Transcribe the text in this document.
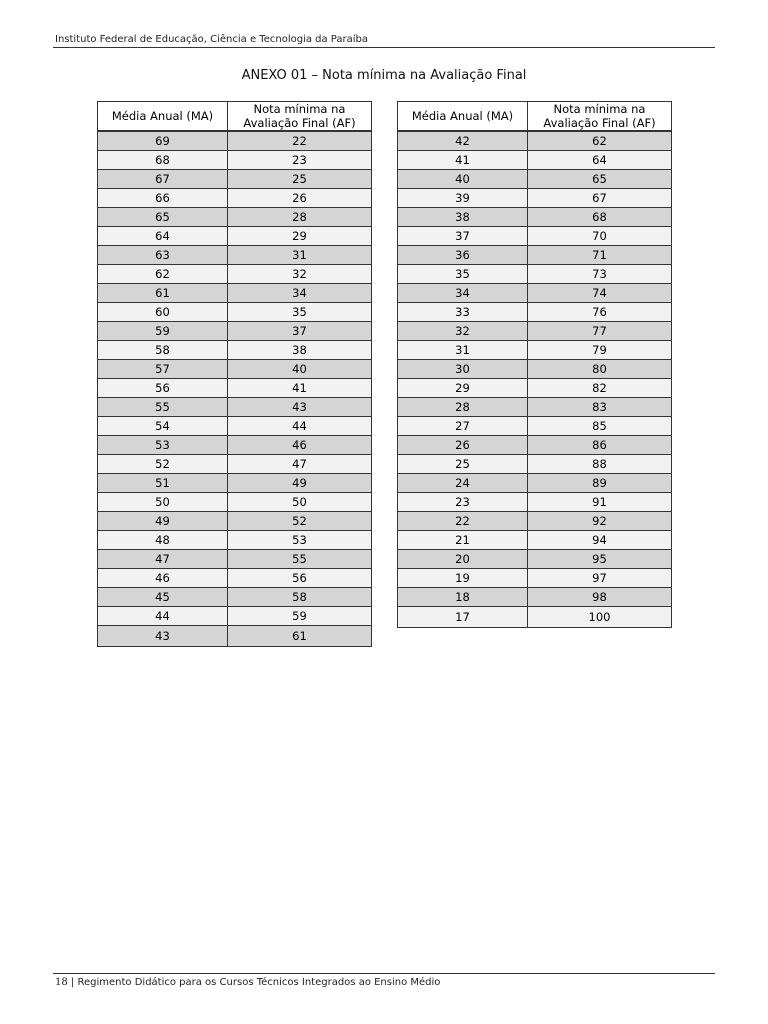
Instituto Federal de Educação, Ciência e Tecnologia da Paraíba
ANEXO 01 – Nota mínima na Avaliação Final
Média Anual (MA)	Nota mínima na
Avaliação Final (AF)
69	22
68	23
67	25
66	26
65	28
64	29
63	31
62	32
61	34
60	35
59	37
58	38
57	40
56	41
55	43
54	44
53	46
52	47
51	49
50	50
49	52
48	53
47	55
46	56
45	58
44	59
43	61
Média Anual (MA)	Nota mínima na
Avaliação Final (AF)
42	62
41	64
40	65
39	67
38	68
37	70
36	71
35	73
34	74
33	76
32	77
31	79
30	80
29	82
28	83
27	85
26	86
25	88
24	89
23	91
22	92
21	94
20	95
19	97
18	98
17	100
18 | Regimento Didático para os Cursos Técnicos Integrados ao Ensino Médio
